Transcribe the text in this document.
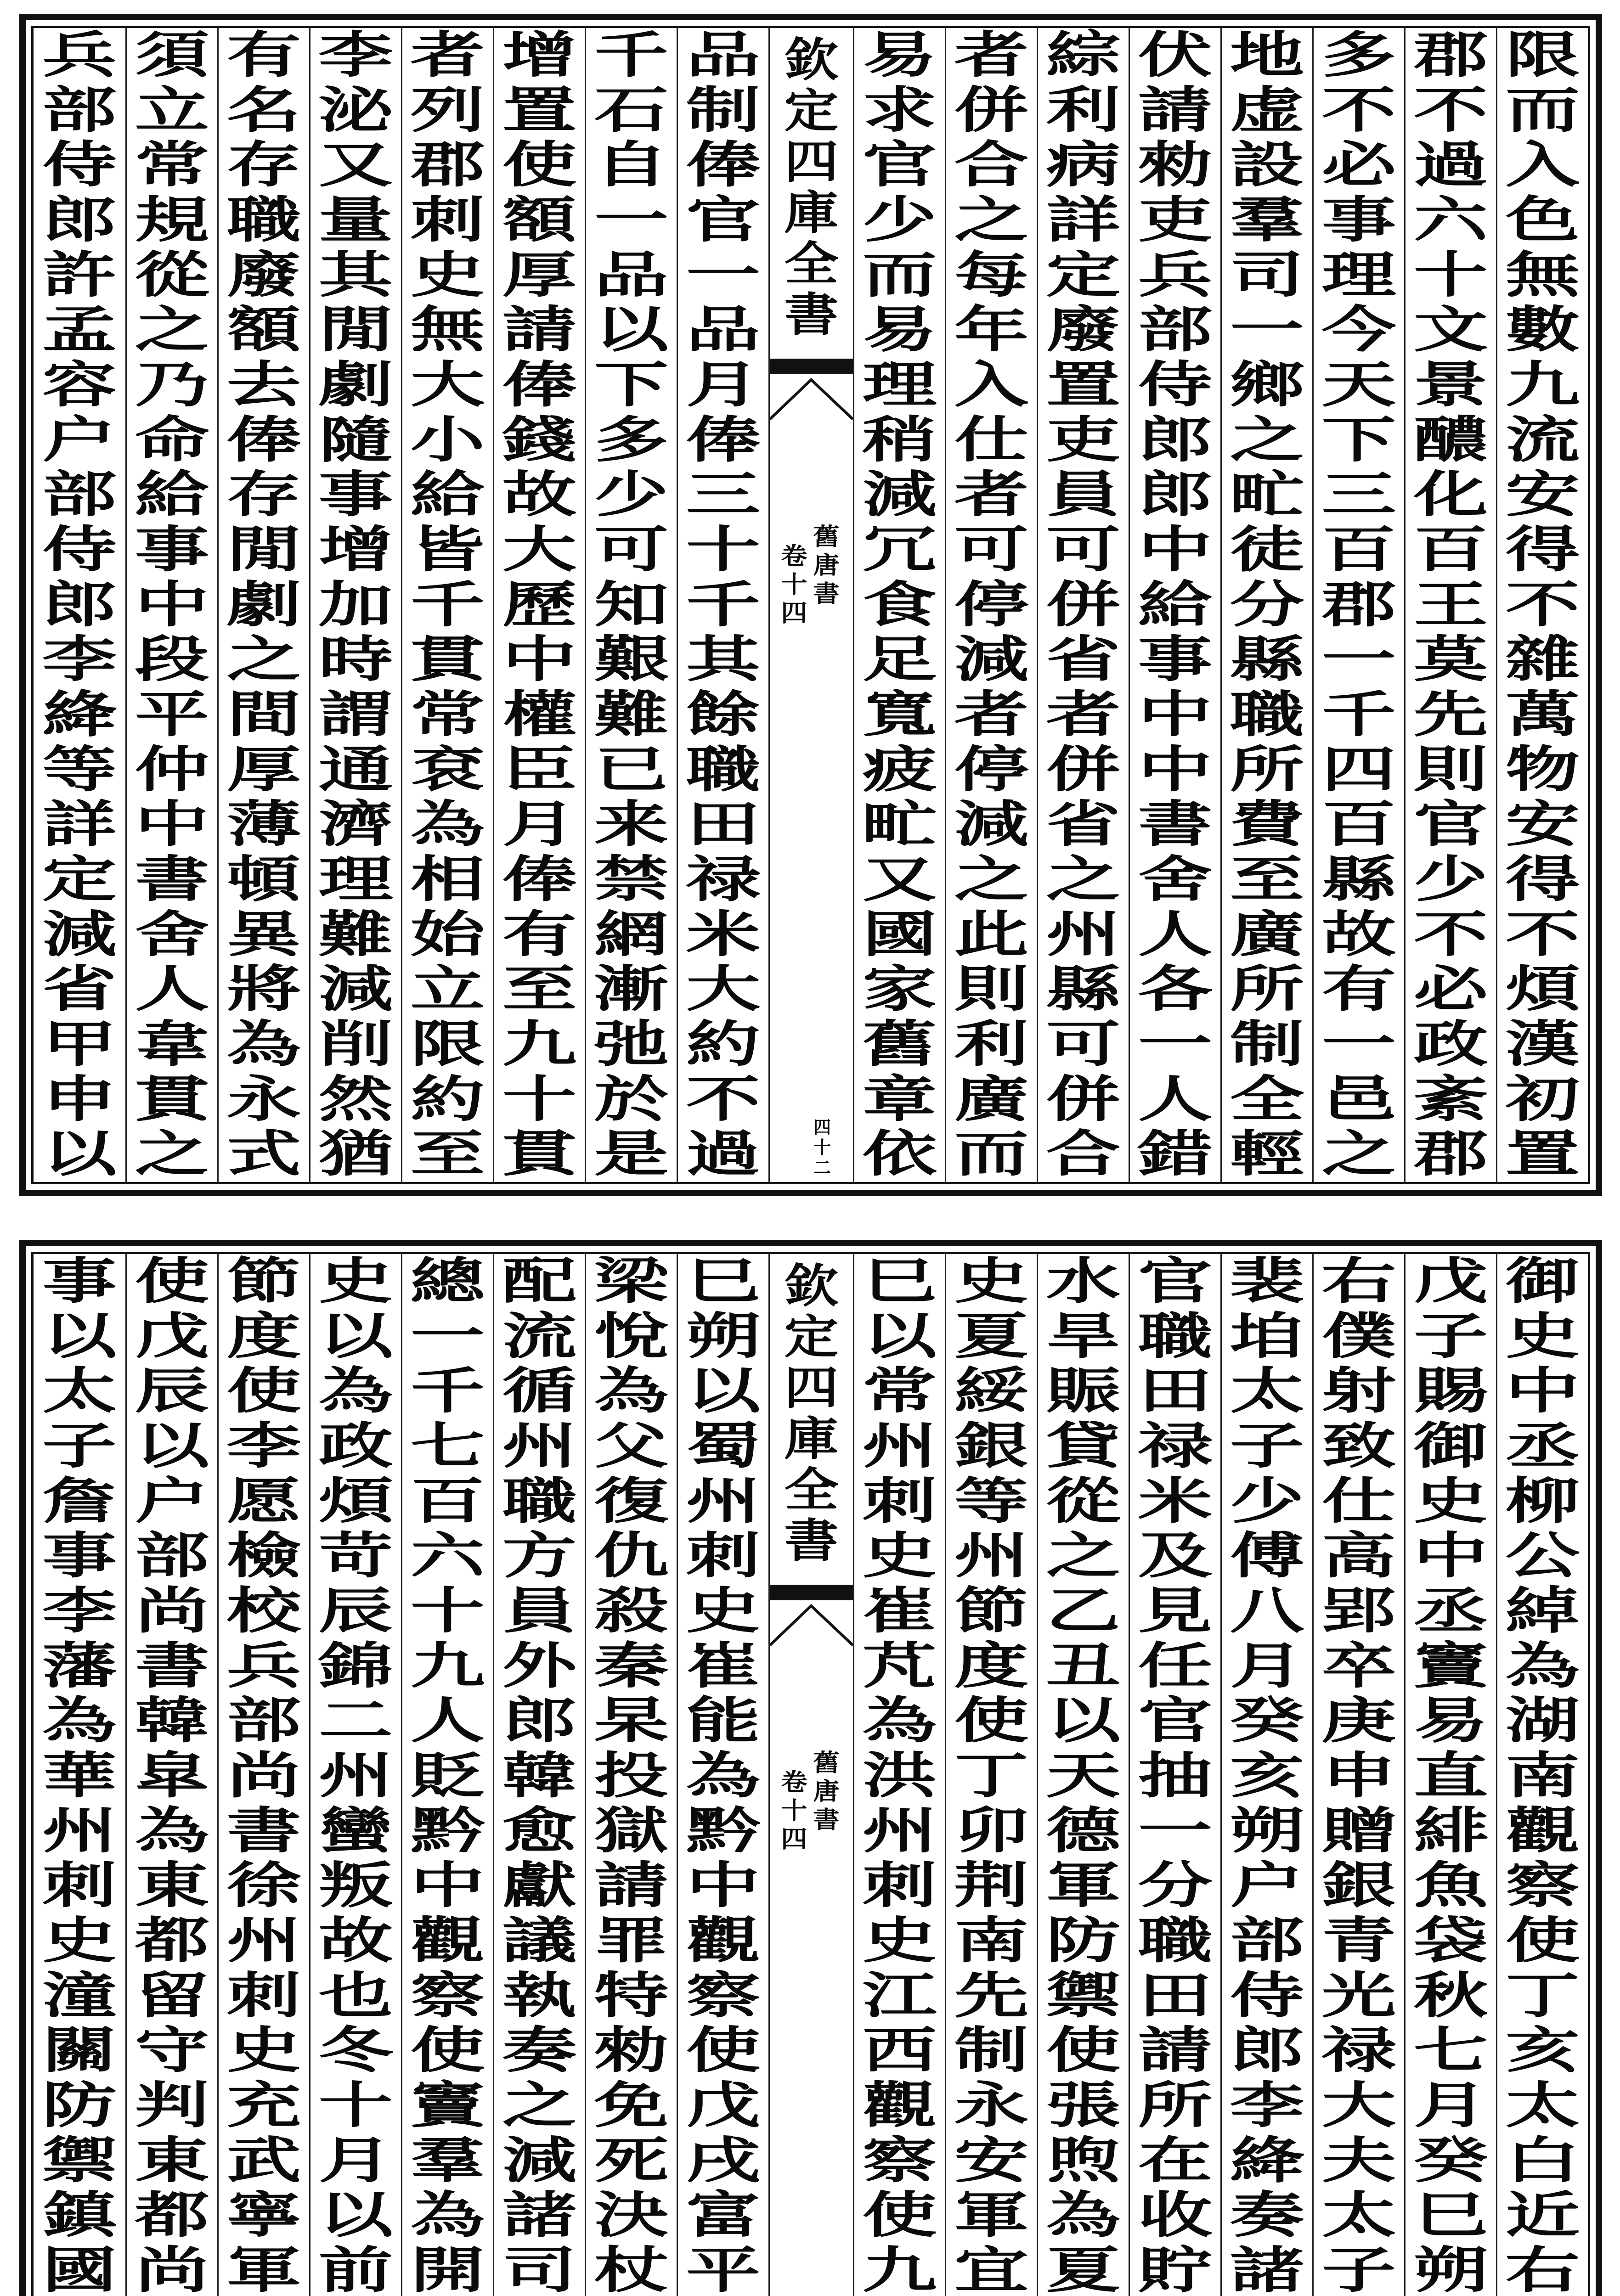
限
而
入
色
無
數
九
流
安
得
不
雜
萬
物
安
得
不
煩
漢
初
置
郡
不
過
六
十
文
景
醲
化
百
王
莫
先
則
官
少
不
必
政
紊
郡
多
不
必
事
理
今
天
下
三
百
郡
一
千
四
百
縣
故
有
一
邑
之
地
虚
設
羣
司
一
鄉
之
甿
徒
分
縣
職
所
費
至
廣
所
制
全
輕
伏
請
勑
吏
兵
部
侍
郎
郎
中
給
事
中
中
書
舍
人
各
一
人
錯
綜
利
病
詳
定
廢
置
吏
員
可
併
省
者
併
省
之
州
縣
可
併
合
者
併
合
之
每
年
入
仕
者
可
停
減
者
停
減
之
此
則
利
廣
而
易
求
官
少
而
易
理
稍
減
冗
食
足
寬
疲
甿
又
國
家
舊
章
依
欽
定
四
庫
全
書
舊
唐
書
卷
十
四
四
十
二
品
制
俸
官
一
品
月
俸
三
十
千
其
餘
職
田
禄
米
大
約
不
過
千
石
自
一
品
以
下
多
少
可
知
艱
難
已
来
禁
網
漸
弛
於
是
增
置
使
額
厚
請
俸
錢
故
大
歷
中
權
臣
月
俸
有
至
九
十
貫
者
列
郡
刺
史
無
大
小
給
皆
千
貫
常
袞
為
相
始
立
限
約
至
李
泌
又
量
其
閒
劇
隨
事
增
加
時
謂
通
濟
理
難
減
削
然
猶
有
名
存
職
廢
額
去
俸
存
閒
劇
之
間
厚
薄
頓
異
將
為
永
式
須
立
常
規
從
之
乃
命
給
事
中
段
平
仲
中
書
舍
人
韋
貫
之
兵
部
侍
郎
許
孟
容
户
部
侍
郎
李
絳
等
詳
定
減
省
甲
申
以
御
史
中
丞
柳
公
綽
為
湖
南
觀
察
使
丁
亥
太
白
近
右
戊
子
賜
御
史
中
丞
竇
易
直
緋
魚
袋
秋
七
月
癸
巳
朔
右
僕
射
致
仕
高
郢
卒
庚
申
贈
銀
青
光
禄
大
夫
太
子
裴
垍
太
子
少
傅
八
月
癸
亥
朔
户
部
侍
郎
李
絳
奏
諸
官
職
田
禄
米
及
見
任
官
抽
一
分
職
田
請
所
在
收
貯
水
旱
賑
貸
從
之
乙
丑
以
天
德
軍
防
禦
使
張
煦
為
夏
史
夏
綏
銀
等
州
節
度
使
丁
卯
荆
南
先
制
永
安
軍
宜
巳
以
常
州
刺
史
崔
芃
為
洪
州
刺
史
江
西
觀
察
使
九
欽
定
四
庫
全
書
舊
唐
書
卷
十
四
巳
朔
以
蜀
州
刺
史
崔
能
為
黔
中
觀
察
使
戊
戌
富
平
梁
悅
為
父
復
仇
殺
秦
杲
投
獄
請
罪
特
勑
免
死
決
杖
配
流
循
州
職
方
員
外
郎
韓
愈
獻
議
執
奏
之
減
諸
司
總
一
千
七
百
六
十
九
人
貶
黔
中
觀
察
使
竇
羣
為
開
史
以
為
政
煩
苛
辰
錦
二
州
蠻
叛
故
也
冬
十
月
以
前
節
度
使
李
愿
檢
校
兵
部
尚
書
徐
州
刺
史
充
武
寧
軍
使
戊
辰
以
户
部
尚
書
韓
皐
為
東
都
留
守
判
東
都
尚
事
以
太
子
詹
事
李
藩
為
華
州
刺
史
潼
關
防
禦
鎮
國
